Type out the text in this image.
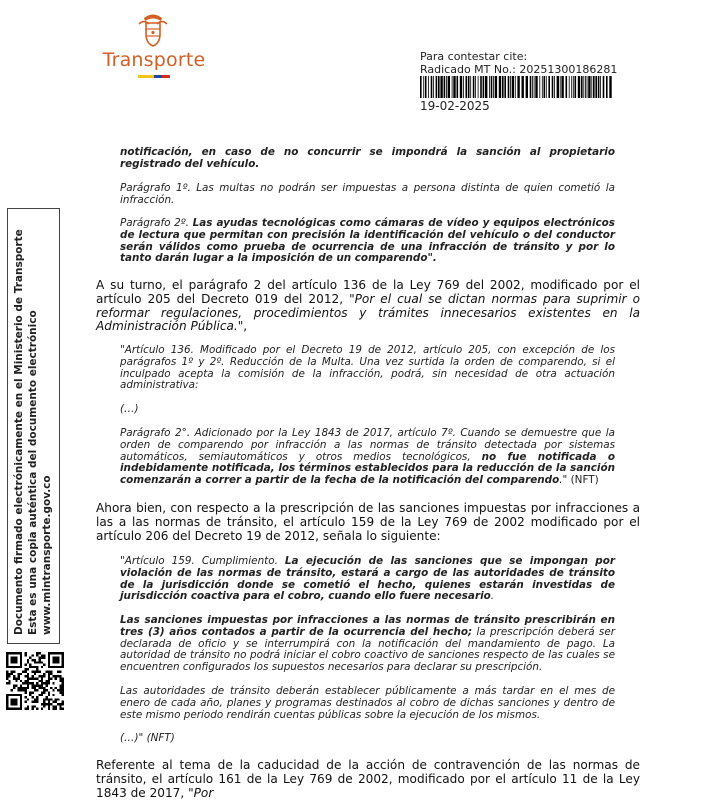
Transporte	Para contestar cite:
Radicado MT No.: 20251300186281
19-02-2025
Documento firmado electrónicamente en el Ministerio de Transporte Esta es una copia auténtica del documento electrónico www.mintransporte.gov.co

notificación, en caso de no concurrir se impondrá la sanción al propietario registrado del vehículo.

Parágrafo 1º. Las multas no podrán ser impuestas a persona distinta de quien cometió la infracción.

Parágrafo 2º. Las ayudas tecnológicas como cámaras de vídeo y equipos electrónicos de lectura que permitan con precisión la identificación del vehículo o del conductor serán válidos como prueba de ocurrencia de una infracción de tránsito y por lo tanto darán lugar a la imposición de un comparendo".

A su turno, el parágrafo 2 del artículo 136 de la Ley 769 del 2002, modificado por el artículo 205 del Decreto 019 del 2012, "Por el cual se dictan normas para suprimir o reformar regulaciones, procedimientos y trámites innecesarios existentes en la Administración Pública.",

"Artículo 136. Modificado por el Decreto 19 de 2012, artículo 205, con excepción de los parágrafos 1º y 2º. Reducción de la Multa. Una vez surtida la orden de comparendo, si el inculpado acepta la comisión de la infracción, podrá, sin necesidad de otra actuación administrativa:

(…)

Parágrafo 2°. Adicionado por la Ley 1843 de 2017, artículo 7º. Cuando se demuestre que la orden de comparendo por infracción a las normas de tránsito detectada por sistemas automáticos, semiautomáticos y otros medios tecnológicos, no fue notificada o indebidamente notificada, los términos establecidos para la reducción de la sanción comenzarán a correr a partir de la fecha de la notificación del comparendo." (NFT)

Ahora bien, con respecto a la prescripción de las sanciones impuestas por infracciones a las a las normas de tránsito, el artículo 159 de la Ley 769 de 2002 modificado por el artículo 206 del Decreto 19 de 2012, señala lo siguiente:

"Artículo 159. Cumplimiento. La ejecución de las sanciones que se impongan por violación de las normas de tránsito, estará a cargo de las autoridades de tránsito de la jurisdicción donde se cometió el hecho, quienes estarán investidas de jurisdicción coactiva para el cobro, cuando ello fuere necesario.

Las sanciones impuestas por infracciones a las normas de tránsito prescribirán en tres (3) años contados a partir de la ocurrencia del hecho; la prescripción deberá ser declarada de oficio y se interrumpirá con la notificación del mandamiento de pago. La autoridad de tránsito no podrá iniciar el cobro coactivo de sanciones respecto de las cuales se encuentren configurados los supuestos necesarios para declarar su prescripción.

Las autoridades de tránsito deberán establecer públicamente a más tardar en el mes de enero de cada año, planes y programas destinados al cobro de dichas sanciones y dentro de este mismo periodo rendirán cuentas públicas sobre la ejecución de los mismos.

(…)" (NFT)

Referente al tema de la caducidad de la acción de contravención de las normas de tránsito, el artículo 161 de la Ley 769 de 2002, modificado por el artículo 11 de la Ley 1843 de 2017, "Por
